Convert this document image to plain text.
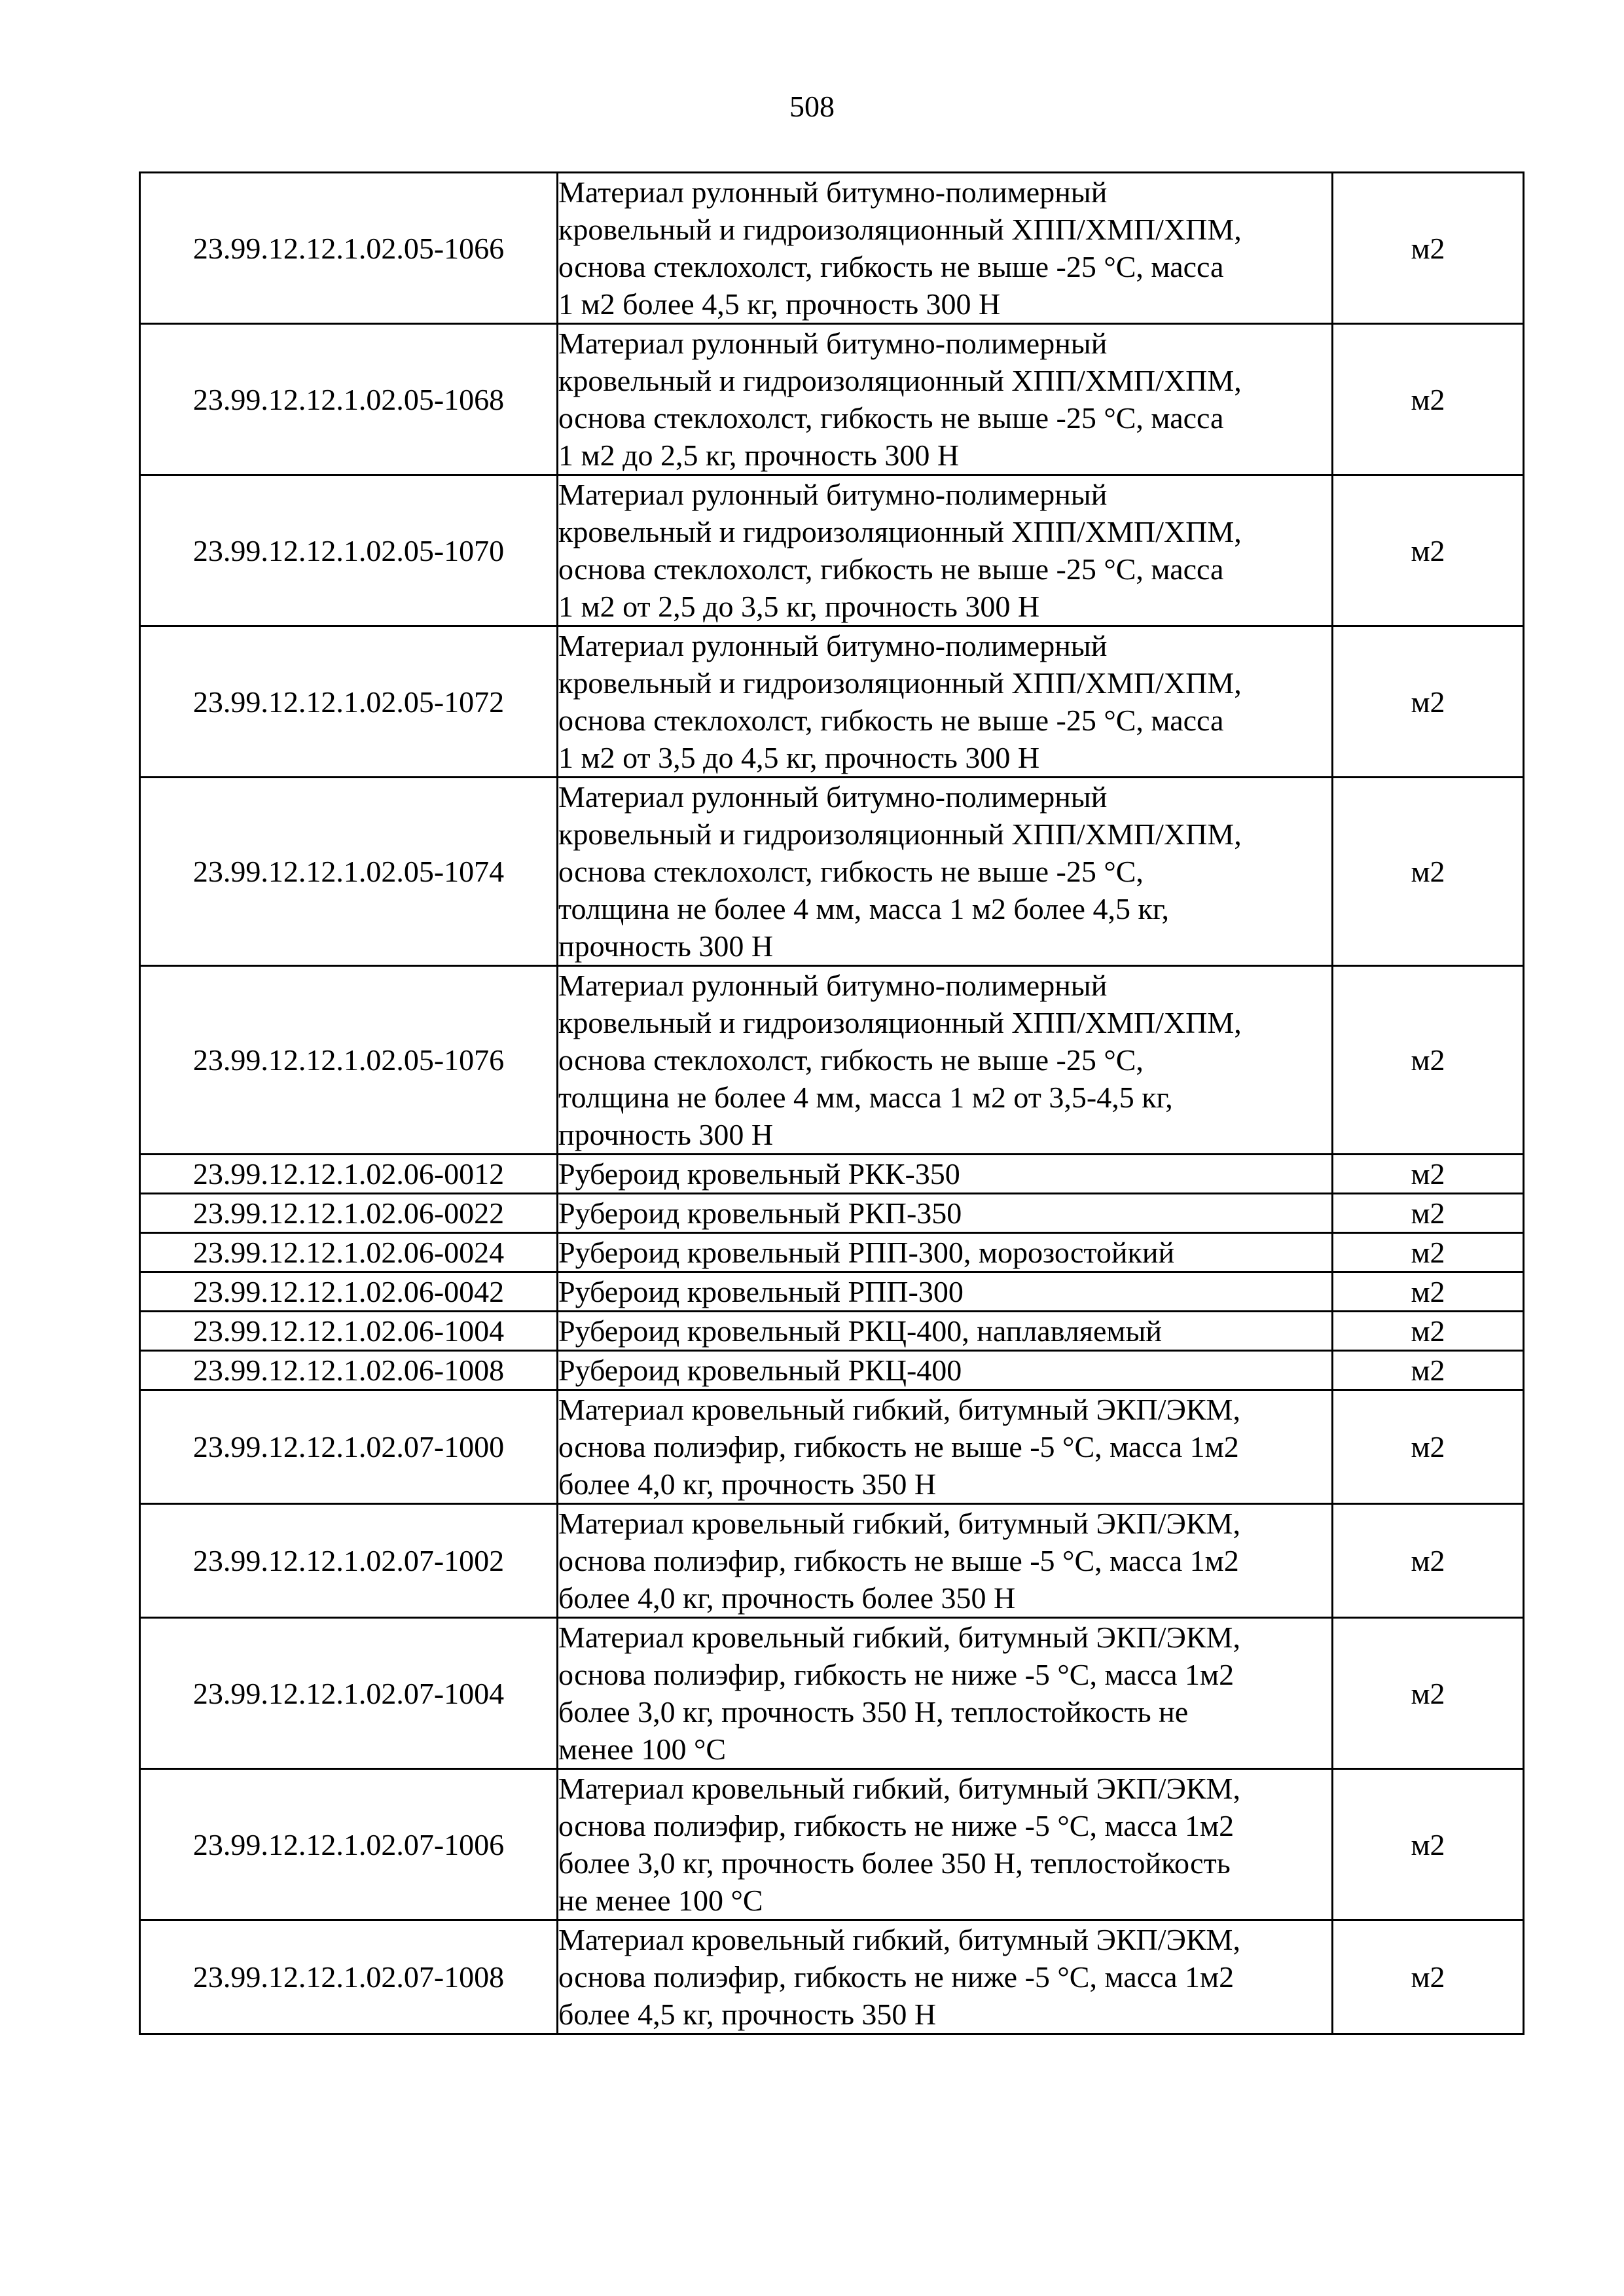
508
23.99.12.12.1.02.05-1066	Материал рулонный битумно-полимерный
кровельный и гидроизоляционный ХПП/ХМП/ХПМ,
основа стеклохолст, гибкость не выше -25 °С, масса
1 м2 более 4,5 кг, прочность 300 Н	м2
23.99.12.12.1.02.05-1068	Материал рулонный битумно-полимерный
кровельный и гидроизоляционный ХПП/ХМП/ХПМ,
основа стеклохолст, гибкость не выше -25 °С, масса
1 м2 до 2,5 кг, прочность 300 Н	м2
23.99.12.12.1.02.05-1070	Материал рулонный битумно-полимерный
кровельный и гидроизоляционный ХПП/ХМП/ХПМ,
основа стеклохолст, гибкость не выше -25 °С, масса
1 м2 от 2,5 до 3,5 кг, прочность 300 Н	м2
23.99.12.12.1.02.05-1072	Материал рулонный битумно-полимерный
кровельный и гидроизоляционный ХПП/ХМП/ХПМ,
основа стеклохолст, гибкость не выше -25 °С, масса
1 м2 от 3,5 до 4,5 кг, прочность 300 Н	м2
23.99.12.12.1.02.05-1074	Материал рулонный битумно-полимерный
кровельный и гидроизоляционный ХПП/ХМП/ХПМ,
основа стеклохолст, гибкость не выше -25 °С,
толщина не более 4 мм, масса 1 м2 более 4,5 кг,
прочность 300 Н	м2
23.99.12.12.1.02.05-1076	Материал рулонный битумно-полимерный
кровельный и гидроизоляционный ХПП/ХМП/ХПМ,
основа стеклохолст, гибкость не выше -25 °С,
толщина не более 4 мм, масса 1 м2 от 3,5-4,5 кг,
прочность 300 Н	м2
23.99.12.12.1.02.06-0012	Рубероид кровельный РКК-350	м2
23.99.12.12.1.02.06-0022	Рубероид кровельный РКП-350	м2
23.99.12.12.1.02.06-0024	Рубероид кровельный РПП-300, морозостойкий	м2
23.99.12.12.1.02.06-0042	Рубероид кровельный РПП-300	м2
23.99.12.12.1.02.06-1004	Рубероид кровельный РКЦ-400, наплавляемый	м2
23.99.12.12.1.02.06-1008	Рубероид кровельный РКЦ-400	м2
23.99.12.12.1.02.07-1000	Материал кровельный гибкий, битумный ЭКП/ЭКМ,
основа полиэфир, гибкость не выше -5 °С, масса 1м2
более 4,0 кг, прочность 350 Н	м2
23.99.12.12.1.02.07-1002	Материал кровельный гибкий, битумный ЭКП/ЭКМ,
основа полиэфир, гибкость не выше -5 °С, масса 1м2
более 4,0 кг, прочность более 350 Н	м2
23.99.12.12.1.02.07-1004	Материал кровельный гибкий, битумный ЭКП/ЭКМ,
основа полиэфир, гибкость не ниже -5 °С, масса 1м2
более 3,0 кг, прочность 350 Н, теплостойкость не
менее 100 °С	м2
23.99.12.12.1.02.07-1006	Материал кровельный гибкий, битумный ЭКП/ЭКМ,
основа полиэфир, гибкость не ниже -5 °С, масса 1м2
более 3,0 кг, прочность более 350 Н, теплостойкость
не менее 100 °С	м2
23.99.12.12.1.02.07-1008	Материал кровельный гибкий, битумный ЭКП/ЭКМ,
основа полиэфир, гибкость не ниже -5 °С, масса 1м2
более 4,5 кг, прочность 350 Н	м2
